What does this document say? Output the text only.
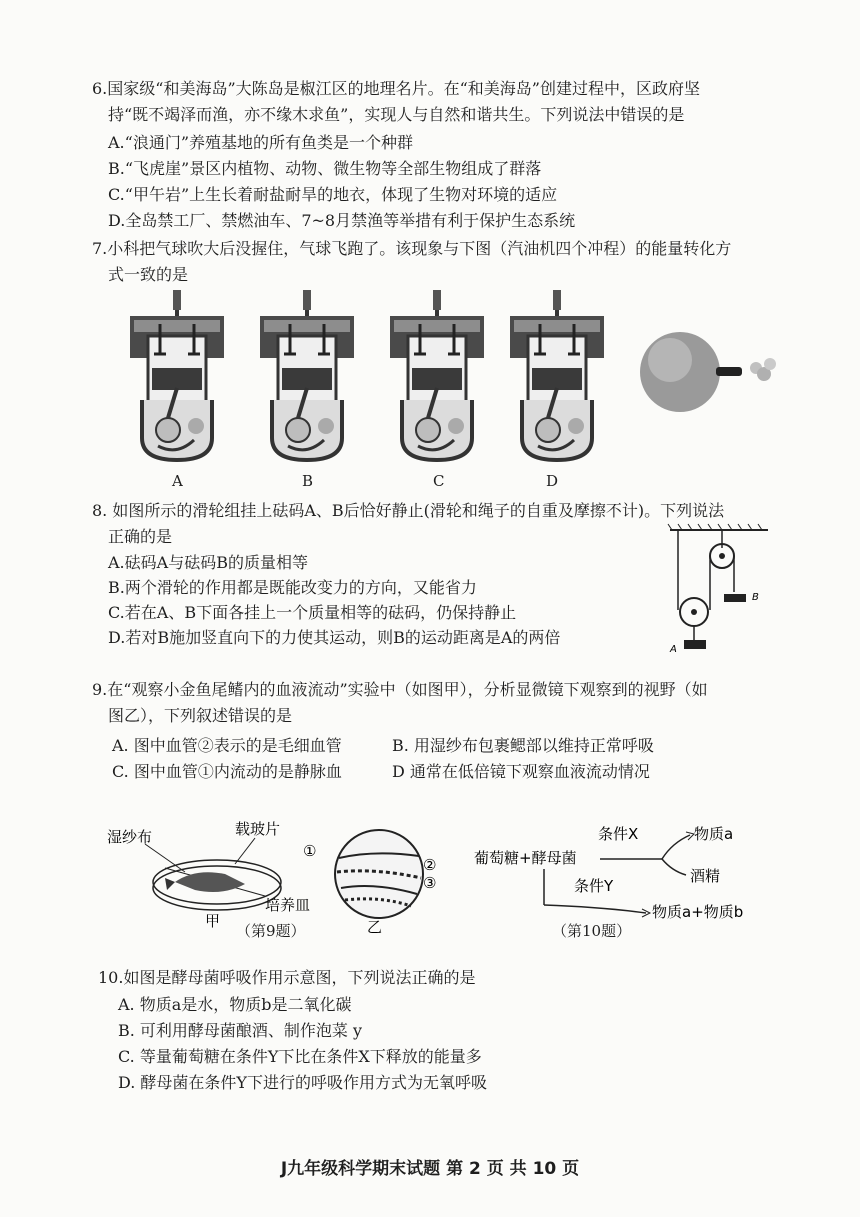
6.国家级“和美海岛”大陈岛是椒江区的地理名片。在“和美海岛”创建过程中，区政府坚
持“既不竭泽而渔，亦不缘木求鱼”，实现人与自然和谐共生。下列说法中错误的是
A.“浪通门”养殖基地的所有鱼类是一个种群
B.“飞虎崖”景区内植物、动物、微生物等全部生物组成了群落
C.“甲午岩”上生长着耐盐耐旱的地衣，体现了生物对环境的适应
D.全岛禁工厂、禁燃油车、7~8月禁渔等举措有利于保护生态系统
7.小科把气球吹大后没握住，气球飞跑了。该现象与下图（汽油机四个冲程）的能量转化方
式一致的是
A	B	C	D
8. 如图所示的滑轮组挂上砝码A、B后恰好静止(滑轮和绳子的自重及摩擦不计)。下列说法
正确的是
A.砝码A与砝码B的质量相等
B.两个滑轮的作用都是既能改变力的方向，又能省力
C.若在A、B下面各挂上一个质量相等的砝码，仍保持静止
D.若对B施加竖直向下的力使其运动，则B的运动距离是A的两倍
A
B
9.在“观察小金鱼尾鳍内的血液流动”实验中（如图甲），分析显微镜下观察到的视野（如
图乙），下列叙述错误的是
A. 图中血管②表示的是毛细血管	B. 用湿纱布包裹鳃部以维持正常呼吸
C. 图中血管①内流动的是静脉血	D 通常在低倍镜下观察血液流动情况
湿纱布	载玻片
培养皿
甲
①
②
③
乙
（第9题）
条件X	物质a
葡萄糖+酵母菌
酒精
条件Y
物质a+物质b
（第10题）
10.如图是酵母菌呼吸作用示意图，下列说法正确的是
A. 物质a是水，物质b是二氧化碳
B. 可利用酵母菌酿酒、制作泡菜 y
C. 等量葡萄糖在条件Y下比在条件X下释放的能量多
D. 酵母菌在条件Y下进行的呼吸作用方式为无氧呼吸
J九年级科学期末试题 第 2 页 共 10 页
